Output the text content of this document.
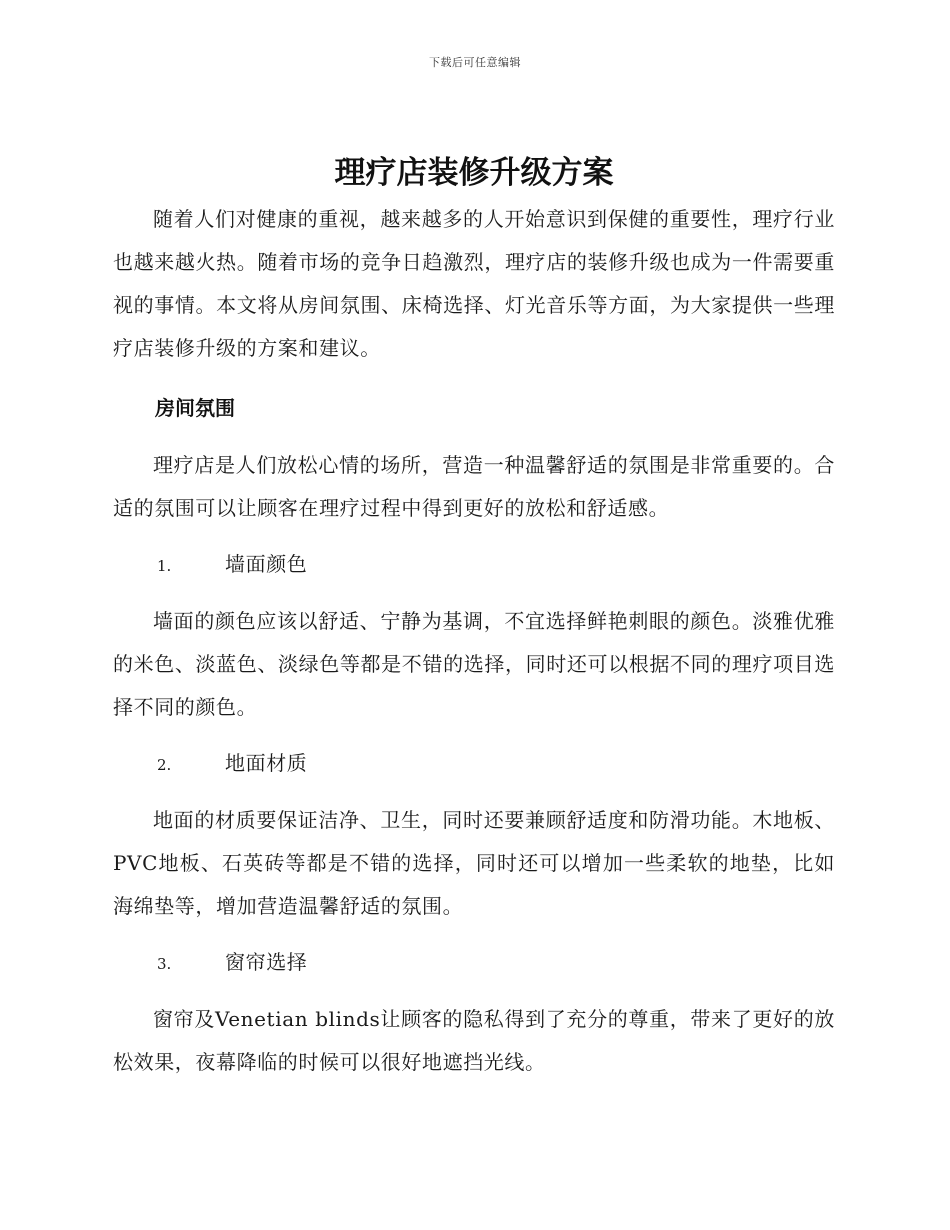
下载后可任意编辑
理疗店装修升级方案

随着人们对健康的重视，越来越多的人开始意识到保健的重要性，理疗行业也越来越火热。随着市场的竞争日趋激烈，理疗店的装修升级也成为一件需要重视的事情。本文将从房间氛围、床椅选择、灯光音乐等方面，为大家提供一些理疗店装修升级的方案和建议。

房间氛围

理疗店是人们放松心情的场所，营造一种温馨舒适的氛围是非常重要的。合适的氛围可以让顾客在理疗过程中得到更好的放松和舒适感。

1.	墙面颜色

墙面的颜色应该以舒适、宁静为基调，不宜选择鲜艳刺眼的颜色。淡雅优雅的米色、淡蓝色、淡绿色等都是不错的选择，同时还可以根据不同的理疗项目选择不同的颜色。

2.	地面材质

地面的材质要保证洁净、卫生，同时还要兼顾舒适度和防滑功能。木地板、PVC地板、石英砖等都是不错的选择，同时还可以增加一些柔软的地垫，比如海绵垫等，增加营造温馨舒适的氛围。

3.	窗帘选择

窗帘及Venetian blinds让顾客的隐私得到了充分的尊重，带来了更好的放松效果，夜幕降临的时候可以很好地遮挡光线。
